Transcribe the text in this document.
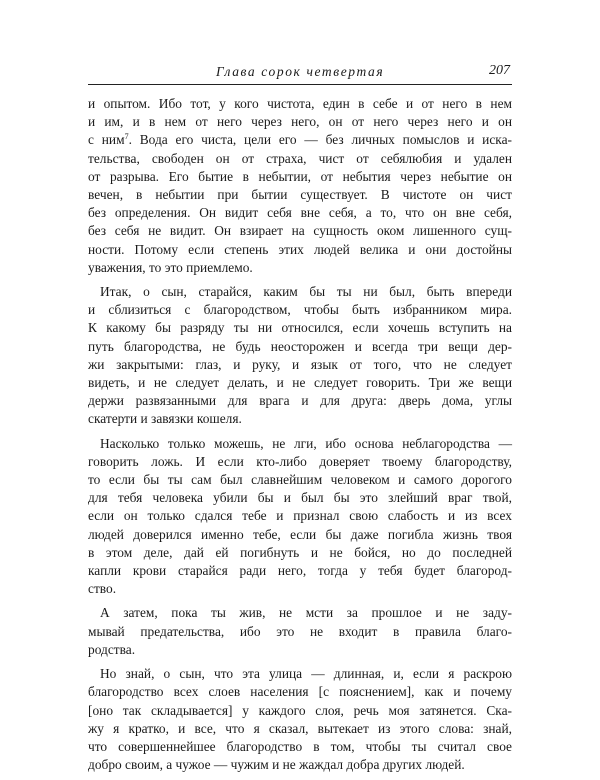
Глава сорок четвертая	207

и опытом. Ибо тот, у кого чистота, един в себе и от него в нем
и им, и в нем от него через него, он от него через него и он
с ним$^7$. Вода его чиста, цели его — без личных помыслов и иска-
тельства, свободен он от страха, чист от себялюбия и удален
от разрыва. Его бытие в небытии, от небытия через небытие он
вечен, в небытии при бытии существует. В чистоте он чист
без определения. Он видит себя вне себя, а то, что он вне себя,
без себя не видит. Он взирает на сущность оком лишенного сущ-
ности. Потому если степень этих людей велика и они достойны
уважения, то это приемлемо.

Итак, о сын, старайся, каким бы ты ни был, быть впереди
и сблизиться с благородством, чтобы быть избранником мира.
К какому бы разряду ты ни относился, если хочешь вступить на
путь благородства, не будь неосторожен и всегда три вещи дер-
жи закрытыми: глаз, и руку, и язык от того, что не следует
видеть, и не следует делать, и не следует говорить. Три же вещи
держи развязанными для врага и для друга: дверь дома, углы
скатерти и завязки кошеля.

Насколько только можешь, не лги, ибо основа неблагородства —
говорить ложь. И если кто-либо доверяет твоему благородству,
то если бы ты сам был славнейшим человеком и самого дорогого
для тебя человека убили бы и был бы это злейший враг твой,
если он только сдался тебе и признал свою слабость и из всех
людей доверился именно тебе, если бы даже погибла жизнь твоя
в этом деле, дай ей погибнуть и не бойся, но до последней
капли крови старайся ради него, тогда у тебя будет благород-
ство.

А затем, пока ты жив, не мсти за прошлое и не заду-
мывай предательства, ибо это не входит в правила благо-
родства.

Но знай, о сын, что эта улица — длинная, и, если я раскрою
благородство всех слоев населения [с пояснением], как и почему
[оно так складывается] у каждого слоя, речь моя затянется. Ска-
жу я кратко, и все, что я сказал, вытекает из этого слова: знай,
что совершеннейшее благородство в том, чтобы ты считал свое
добро своим, а чужое — чужим и не жаждал добра других людей.
